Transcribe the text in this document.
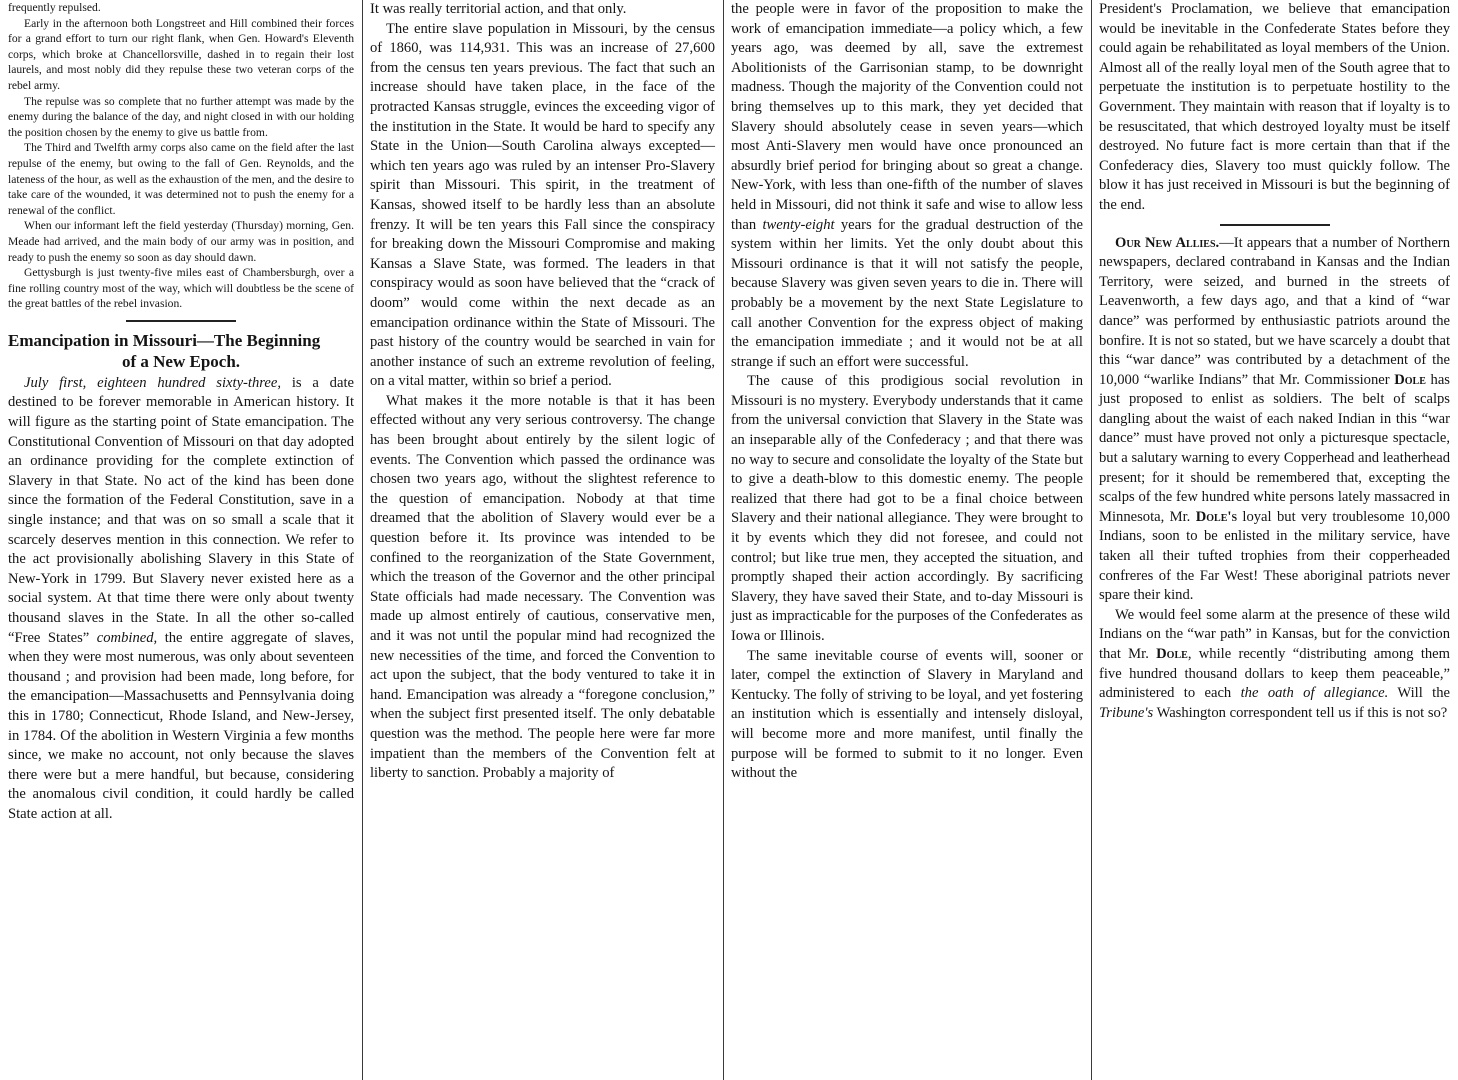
frequently repulsed.

Early in the afternoon both Longstreet and Hill combined their forces for a grand effort to turn our right flank, when Gen. Howard's Eleventh corps, which broke at Chancellorsville, dashed in to regain their lost laurels, and most nobly did they repulse these two veteran corps of the rebel army.

The repulse was so complete that no further attempt was made by the enemy during the balance of the day, and night closed in with our holding the position chosen by the enemy to give us battle from.

The Third and Twelfth army corps also came on the field after the last repulse of the enemy, but owing to the fall of Gen. Reynolds, and the lateness of the hour, as well as the exhaustion of the men, and the desire to take care of the wounded, it was determined not to push the enemy for a renewal of the conflict.

When our informant left the field yesterday (Thursday) morning, Gen. Meade had arrived, and the main body of our army was in position, and ready to push the enemy so soon as day should dawn.

Gettysburgh is just twenty-five miles east of Chambersburgh, over a fine rolling country most of the way, which will doubtless be the scene of the great battles of the rebel invasion.

Emancipation in Missouri—The Beginning
of a New Epoch.

July first, eighteen hundred sixty-three, is a date destined to be forever memorable in American history. It will figure as the starting point of State emancipation. The Constitutional Convention of Missouri on that day adopted an ordinance providing for the complete extinction of Slavery in that State. No act of the kind has been done since the formation of the Federal Constitution, save in a single instance; and that was on so small a scale that it scarcely deserves mention in this connection. We refer to the act provisionally abolishing Slavery in this State of New-York in 1799. But Slavery never existed here as a social system. At that time there were only about twenty thousand slaves in the State. In all the other so-called “Free States” combined, the entire aggregate of slaves, when they were most numerous, was only about seventeen thousand ; and provision had been made, long before, for the emancipation—Massachusetts and Pennsylvania doing this in 1780; Connecticut, Rhode Island, and New-Jersey, in 1784. Of the abolition in Western Virginia a few months since, we make no account, not only because the slaves there were but a mere handful, but because, considering the anomalous civil condition, it could hardly be called State action at all.

It was really territorial action, and that only.

The entire slave population in Missouri, by the census of 1860, was 114,931. This was an increase of 27,600 from the census ten years previous. The fact that such an increase should have taken place, in the face of the protracted Kansas struggle, evinces the exceeding vigor of the institution in the State. It would be hard to specify any State in the Union—South Carolina always excepted—which ten years ago was ruled by an intenser Pro-Slavery spirit than Missouri. This spirit, in the treatment of Kansas, showed itself to be hardly less than an absolute frenzy. It will be ten years this Fall since the conspiracy for breaking down the Missouri Compromise and making Kansas a Slave State, was formed. The leaders in that conspiracy would as soon have believed that the “crack of doom” would come within the next decade as an emancipation ordinance within the State of Missouri. The past history of the country would be searched in vain for another instance of such an extreme revolution of feeling, on a vital matter, within so brief a period.

What makes it the more notable is that it has been effected without any very serious controversy. The change has been brought about entirely by the silent logic of events. The Convention which passed the ordinance was chosen two years ago, without the slightest reference to the question of emancipation. Nobody at that time dreamed that the abolition of Slavery would ever be a question before it. Its province was intended to be confined to the reorganization of the State Government, which the treason of the Governor and the other principal State officials had made necessary. The Convention was made up almost entirely of cautious, conservative men, and it was not until the popular mind had recognized the new necessities of the time, and forced the Convention to act upon the subject, that the body ventured to take it in hand. Emancipation was already a “foregone conclusion,” when the subject first presented itself. The only debatable question was the method. The people here were far more impatient than the members of the Convention felt at liberty to sanction. Probably a majority of

the people were in favor of the proposition to make the work of emancipation immediate—a policy which, a few years ago, was deemed by all, save the extremest Abolitionists of the Garrisonian stamp, to be downright madness. Though the majority of the Convention could not bring themselves up to this mark, they yet decided that Slavery should absolutely cease in seven years—which most Anti-Slavery men would have once pronounced an absurdly brief period for bringing about so great a change. New-York, with less than one-fifth of the number of slaves held in Missouri, did not think it safe and wise to allow less than twenty-eight years for the gradual destruction of the system within her limits. Yet the only doubt about this Missouri ordinance is that it will not satisfy the people, because Slavery was given seven years to die in. There will probably be a movement by the next State Legislature to call another Convention for the express object of making the emancipation immediate ; and it would not be at all strange if such an effort were successful.

The cause of this prodigious social revolution in Missouri is no mystery. Everybody understands that it came from the universal conviction that Slavery in the State was an inseparable ally of the Confederacy ; and that there was no way to secure and consolidate the loyalty of the State but to give a death-blow to this domestic enemy. The people realized that there had got to be a final choice between Slavery and their national allegiance. They were brought to it by events which they did not foresee, and could not control; but like true men, they accepted the situation, and promptly shaped their action accordingly. By sacrificing Slavery, they have saved their State, and to-day Missouri is just as impracticable for the purposes of the Confederates as Iowa or Illinois.

The same inevitable course of events will, sooner or later, compel the extinction of Slavery in Maryland and Kentucky. The folly of striving to be loyal, and yet fostering an institution which is essentially and intensely disloyal, will become more and more manifest, until finally the purpose will be formed to submit to it no longer. Even without the

President's Proclamation, we believe that emancipation would be inevitable in the Confederate States before they could again be rehabilitated as loyal members of the Union. Almost all of the really loyal men of the South agree that to perpetuate the institution is to perpetuate hostility to the Government. They maintain with reason that if loyalty is to be resuscitated, that which destroyed loyalty must be itself destroyed. No future fact is more certain than that if the Confederacy dies, Slavery too must quickly follow. The blow it has just received in Missouri is but the beginning of the end.

Our New Allies.—It appears that a number of Northern newspapers, declared contraband in Kansas and the Indian Territory, were seized, and burned in the streets of Leavenworth, a few days ago, and that a kind of “war dance” was performed by enthusiastic patriots around the bonfire. It is not so stated, but we have scarcely a doubt that this “war dance” was contributed by a detachment of the 10,000 “warlike Indians” that Mr. Commissioner Dole has just proposed to enlist as soldiers. The belt of scalps dangling about the waist of each naked Indian in this “war dance” must have proved not only a picturesque spectacle, but a salutary warning to every Copperhead and leatherhead present; for it should be remembered that, excepting the scalps of the few hundred white persons lately massacred in Minnesota, Mr. Dole's loyal but very troublesome 10,000 Indians, soon to be enlisted in the military service, have taken all their tufted trophies from their copperheaded confreres of the Far West! These aboriginal patriots never spare their kind.

We would feel some alarm at the presence of these wild Indians on the “war path” in Kansas, but for the conviction that Mr. Dole, while recently “distributing among them five hundred thousand dollars to keep them peaceable,” administered to each the oath of allegiance. Will the Tribune's Washington correspondent tell us if this is not so?
